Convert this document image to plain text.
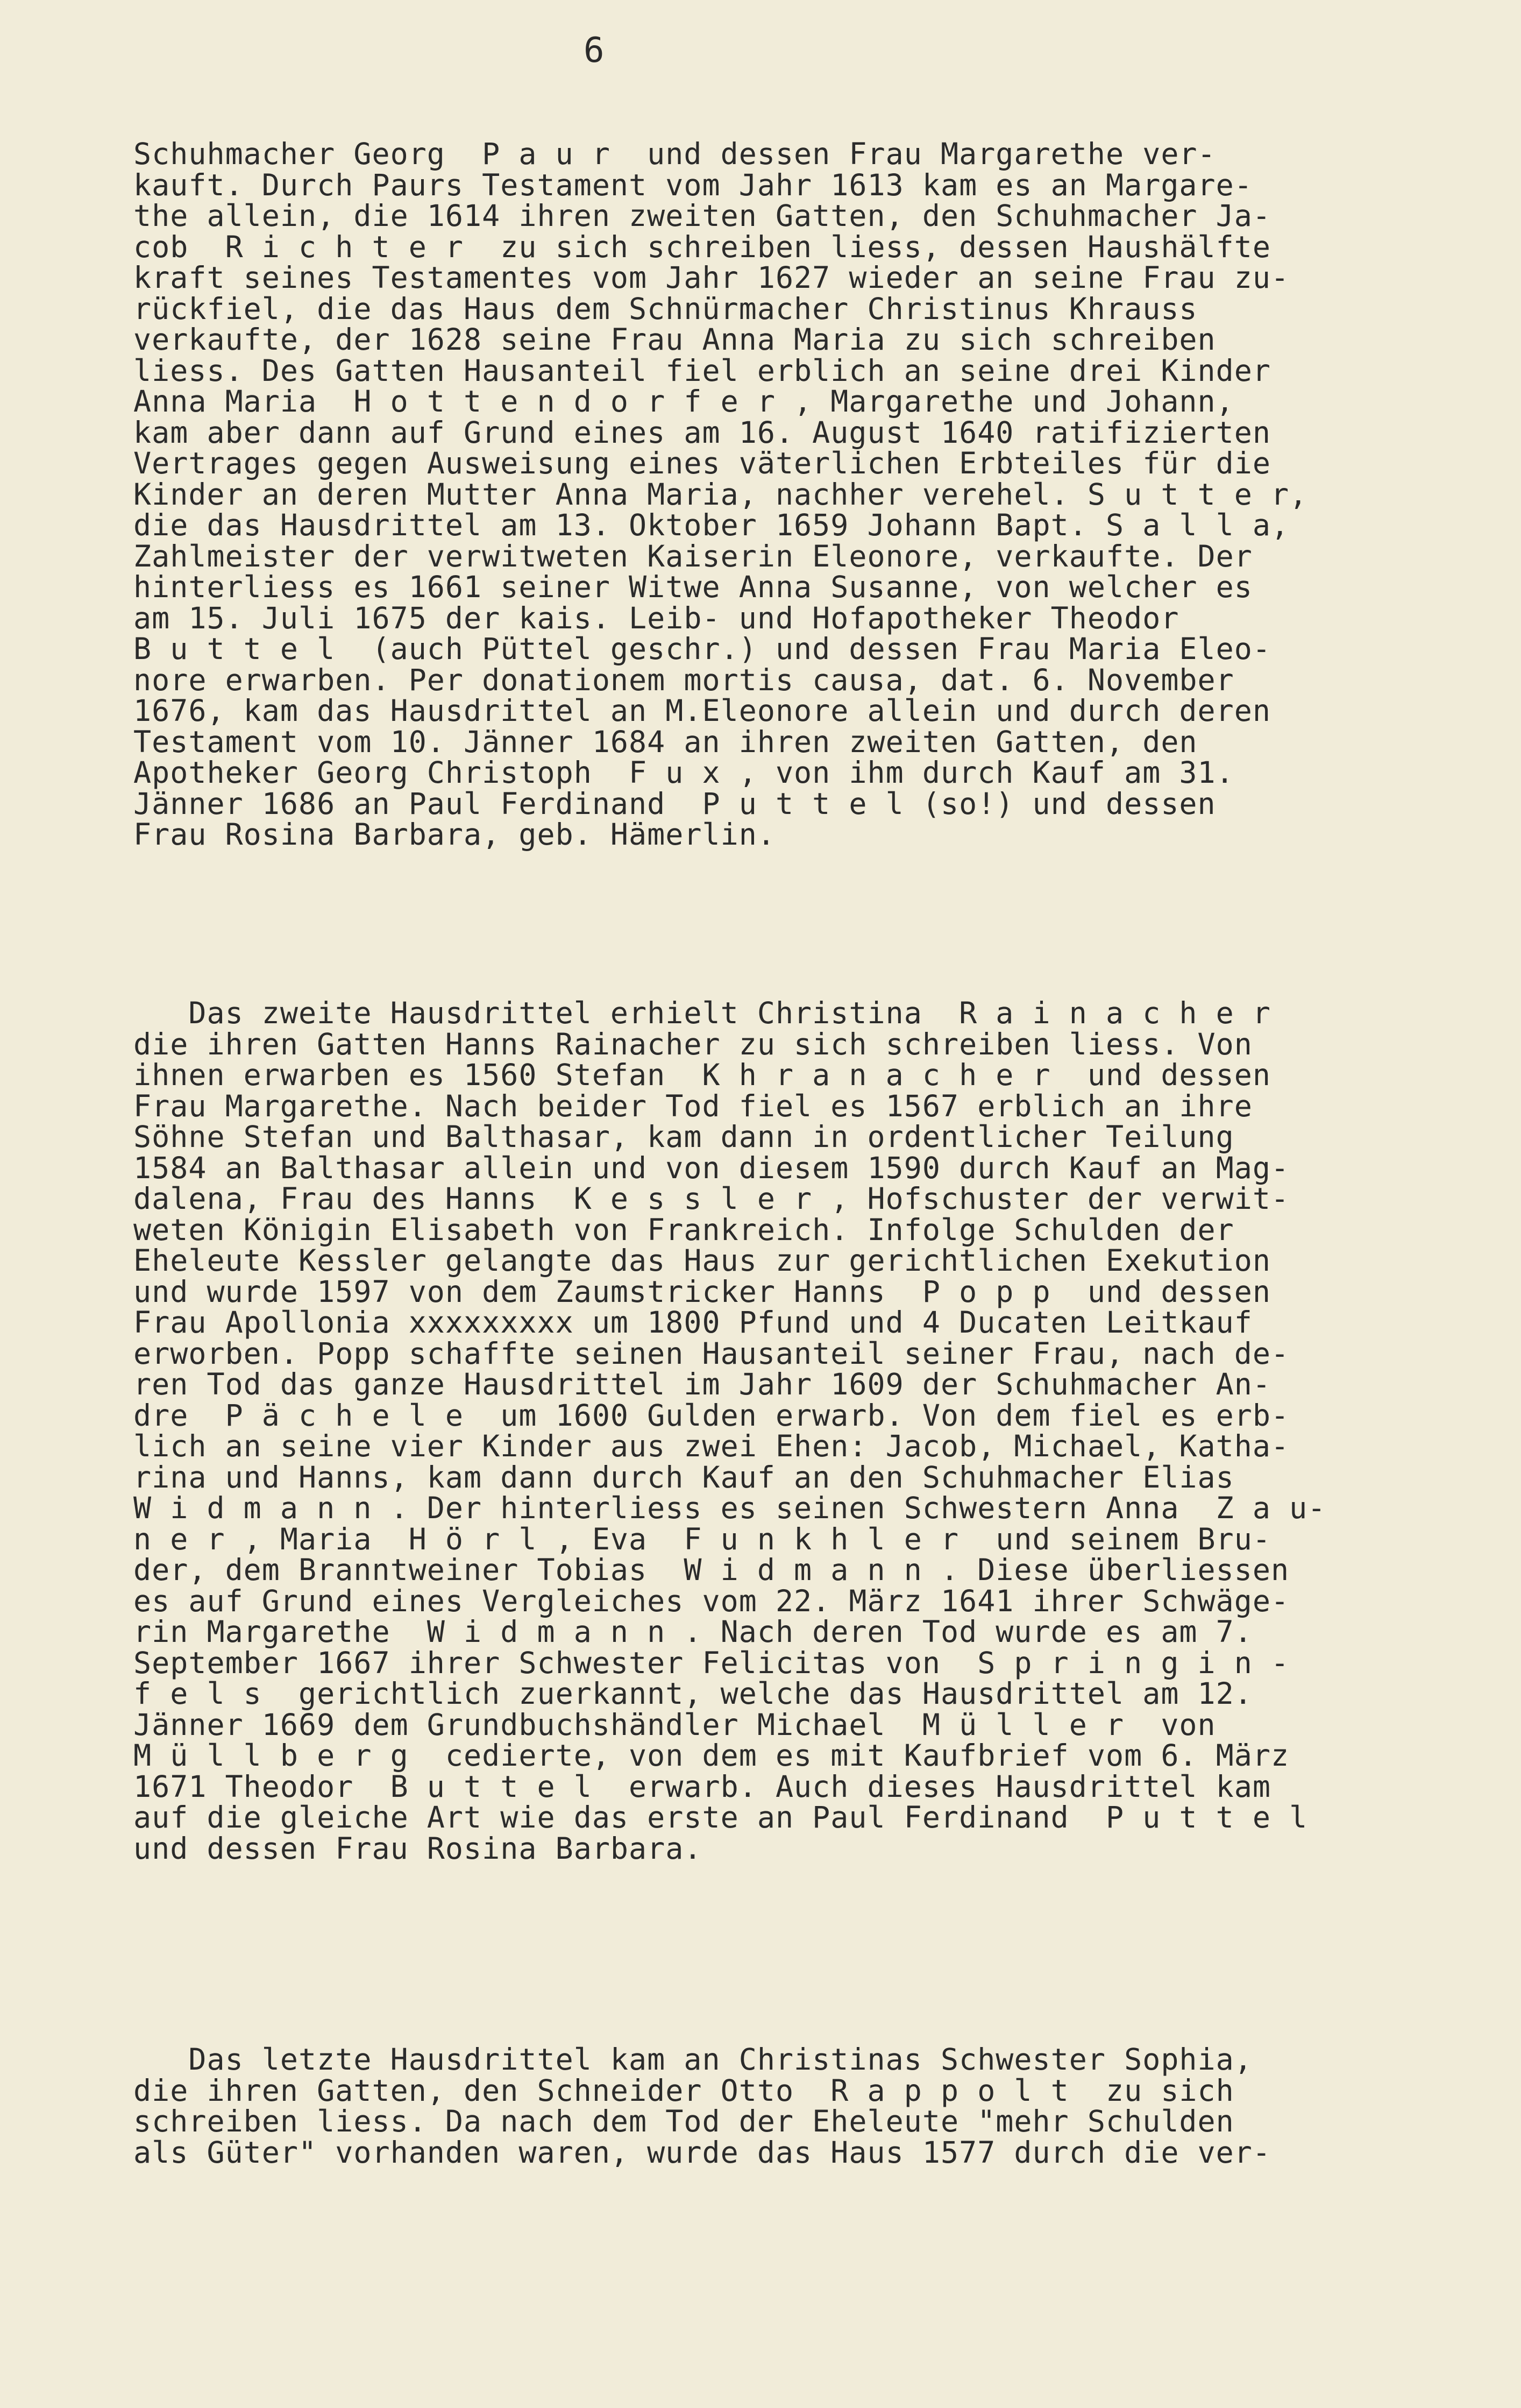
6
Schuhmacher Georg  P a u r  und dessen Frau Margarethe ver-
kauft. Durch Paurs Testament vom Jahr 1613 kam es an Margare-
the allein, die 1614 ihren zweiten Gatten, den Schuhmacher Ja-
cob  R i c h t e r  zu sich schreiben liess, dessen Haushälfte
kraft seines Testamentes vom Jahr 1627 wieder an seine Frau zu-
rückfiel, die das Haus dem Schnürmacher Christinus Khrauss
verkaufte, der 1628 seine Frau Anna Maria zu sich schreiben
liess. Des Gatten Hausanteil fiel erblich an seine drei Kinder
Anna Maria  H o t t e n d o r f e r , Margarethe und Johann,
kam aber dann auf Grund eines am 16. August 1640 ratifizierten
Vertrages gegen Ausweisung eines väterlichen Erbteiles für die
Kinder an deren Mutter Anna Maria, nachher verehel. S u t t e r,
die das Hausdrittel am 13. Oktober 1659 Johann Bapt. S a l l a,
Zahlmeister der verwitweten Kaiserin Eleonore, verkaufte. Der
hinterliess es 1661 seiner Witwe Anna Susanne, von welcher es
am 15. Juli 1675 der kais. Leib- und Hofapotheker Theodor
B u t t e l  (auch Püttel geschr.) und dessen Frau Maria Eleo-
nore erwarben. Per donationem mortis causa, dat. 6. November
1676, kam das Hausdrittel an M.Eleonore allein und durch deren
Testament vom 10. Jänner 1684 an ihren zweiten Gatten, den
Apotheker Georg Christoph  F u x , von ihm durch Kauf am 31.
Jänner 1686 an Paul Ferdinand  P u t t e l (so!) und dessen
Frau Rosina Barbara, geb. Hämerlin.
Das zweite Hausdrittel erhielt Christina  R a i n a c h e r
die ihren Gatten Hanns Rainacher zu sich schreiben liess. Von
ihnen erwarben es 1560 Stefan  K h r a n a c h e r  und dessen
Frau Margarethe. Nach beider Tod fiel es 1567 erblich an ihre
Söhne Stefan und Balthasar, kam dann in ordentlicher Teilung
1584 an Balthasar allein und von diesem 1590 durch Kauf an Mag-
dalena, Frau des Hanns  K e s s l e r , Hofschuster der verwit-
weten Königin Elisabeth von Frankreich. Infolge Schulden der
Eheleute Kessler gelangte das Haus zur gerichtlichen Exekution
und wurde 1597 von dem Zaumstricker Hanns  P o p p  und dessen
Frau Apollonia xxxxxxxxx um 1800 Pfund und 4 Ducaten Leitkauf
erworben. Popp schaffte seinen Hausanteil seiner Frau, nach de-
ren Tod das ganze Hausdrittel im Jahr 1609 der Schuhmacher An-
dre  P ä c h e l e  um 1600 Gulden erwarb. Von dem fiel es erb-
lich an seine vier Kinder aus zwei Ehen: Jacob, Michael, Katha-
rina und Hanns, kam dann durch Kauf an den Schuhmacher Elias
W i d m a n n . Der hinterliess es seinen Schwestern Anna  Z a u-
n e r , Maria  H ö r l , Eva  F u n k h l e r  und seinem Bru-
der, dem Branntweiner Tobias  W i d m a n n . Diese überliessen
es auf Grund eines Vergleiches vom 22. März 1641 ihrer Schwäge-
rin Margarethe  W i d m a n n . Nach deren Tod wurde es am 7.
September 1667 ihrer Schwester Felicitas von  S p r i n g i n -
f e l s  gerichtlich zuerkannt, welche das Hausdrittel am 12.
Jänner 1669 dem Grundbuchshändler Michael  M ü l l e r  von
M ü l l b e r g  cedierte, von dem es mit Kaufbrief vom 6. März
1671 Theodor  B u t t e l  erwarb. Auch dieses Hausdrittel kam
auf die gleiche Art wie das erste an Paul Ferdinand  P u t t e l
und dessen Frau Rosina Barbara.
Das letzte Hausdrittel kam an Christinas Schwester Sophia,
die ihren Gatten, den Schneider Otto  R a p p o l t  zu sich
schreiben liess. Da nach dem Tod der Eheleute "mehr Schulden
als Güter" vorhanden waren, wurde das Haus 1577 durch die ver-
